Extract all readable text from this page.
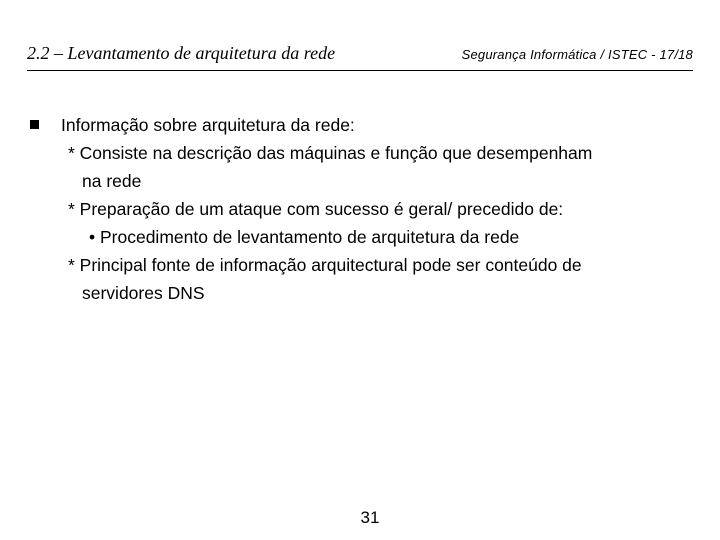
2.2 – Levantamento de arquitetura da rede	Segurança Informática / ISTEC - 17/18
Informação sobre arquitetura da rede:
* Consiste na descrição das máquinas e função que desempenham
na rede
* Preparação de um ataque com sucesso é geral/ precedido de:
• Procedimento de levantamento de arquitetura da rede
* Principal fonte de informação arquitectural pode ser conteúdo de
servidores DNS
31
